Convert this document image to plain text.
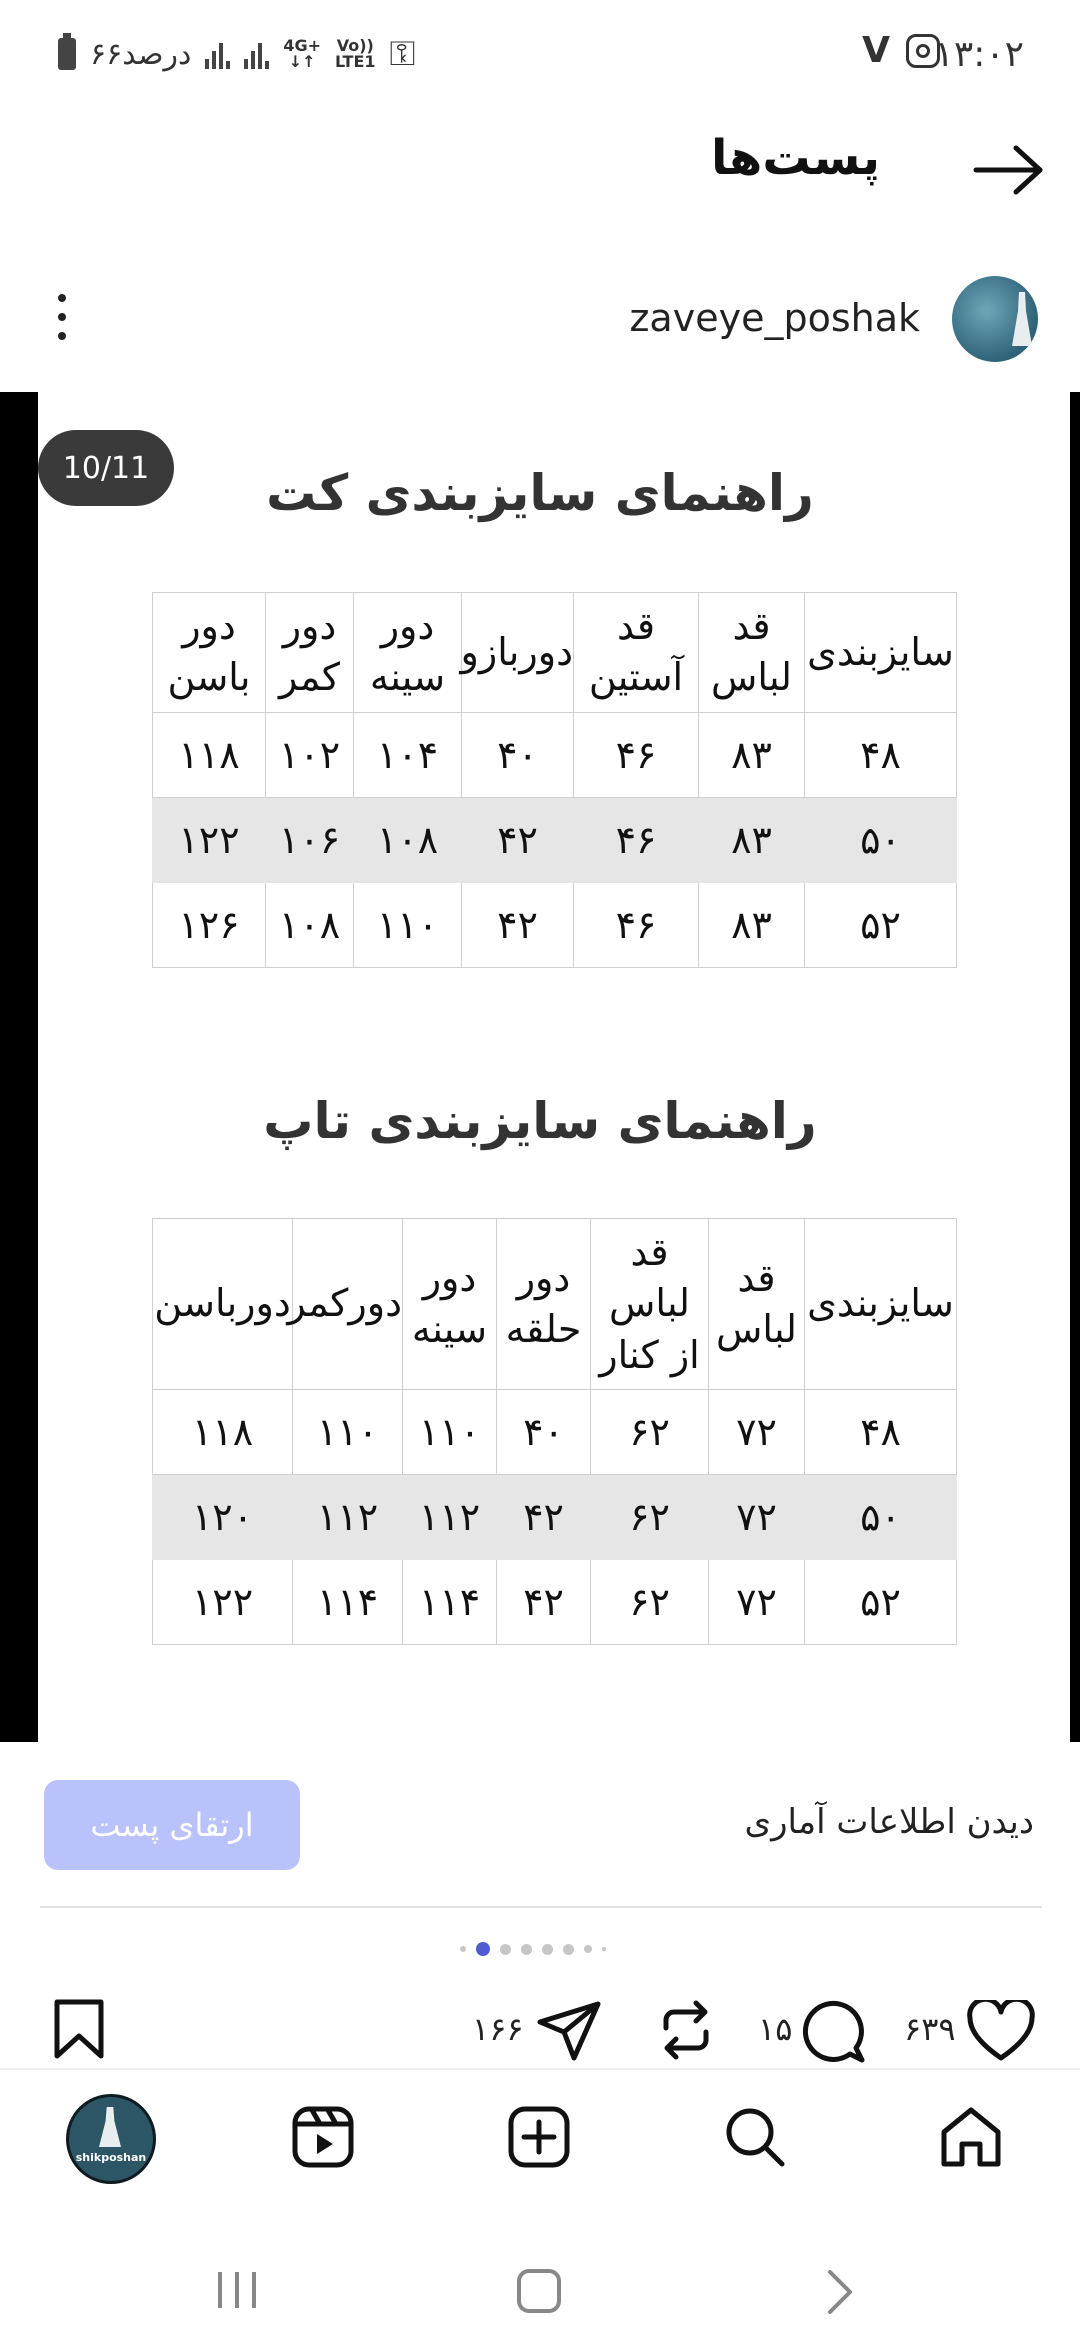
۶۶درصد	4G+
↓↑
Vo))
LTE1 ⚿	V ۱۳:۰۲
پست‌ها
zaveye_poshak
10/11	راهنمای سایزبندی کت
سایزبندی	قد لباس	قد آستین	دوربازو	دور سینه	دور کمر	دور باسن
۴۸	۸۳	۴۶	۴۰	۱۰۴	۱۰۲	۱۱۸
۵۰	۸۳	۴۶	۴۲	۱۰۸	۱۰۶	۱۲۲
۵۲	۸۳	۴۶	۴۲	۱۱۰	۱۰۸	۱۲۶
راهنمای سایزبندی تاپ
سایزبندی	قد لباس	قد لباس از کنار	دور حلقه	دور سینه	دورکمر	دورباسن
۴۸	۷۲	۶۲	۴۰	۱۱۰	۱۱۰	۱۱۸
۵۰	۷۲	۶۲	۴۲	۱۱۲	۱۱۲	۱۲۰
۵۲	۷۲	۶۲	۴۲	۱۱۴	۱۱۴	۱۲۲
ارتقای پست	دیدن اطلاعات آماری
۱۶۶	۱۵	۶۳۹
shikposhan
